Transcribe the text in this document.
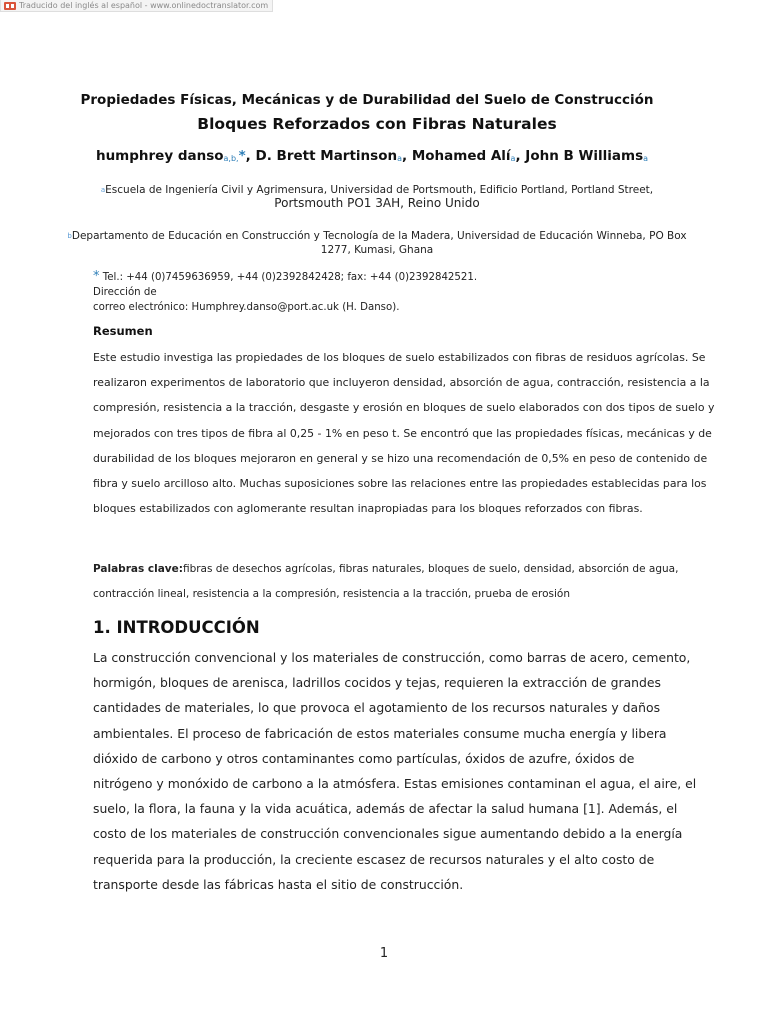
Traducido del inglés al español - www.onlinedoctranslator.com
Propiedades Físicas, Mecánicas y de Durabilidad del Suelo de Construcción
Bloques Reforzados con Fibras Naturales
humphrey danso$_{a,b,}$*, D. Brett Martinson$_a$, Mohamed Alí$_a$, John B Williams$_a$
$^a$Escuela de Ingeniería Civil y Agrimensura, Universidad de Portsmouth, Edificio Portland, Portland Street,
Portsmouth PO1 3AH, Reino Unido
$^b$Departamento de Educación en Construcción y Tecnología de la Madera, Universidad de Educación Winneba, PO Box
1277, Kumasi, Ghana
* Tel.: +44 (0)7459636959, +44 (0)2392842428; fax: +44 (0)2392842521. Dirección de
correo electrónico: Humphrey.danso@port.ac.uk (H. Danso).
Resumen
Este estudio investiga las propiedades de los bloques de suelo estabilizados con fibras de residuos agrícolas. Se
realizaron experimentos de laboratorio que incluyeron densidad, absorción de agua, contracción, resistencia a la
compresión, resistencia a la tracción, desgaste y erosión en bloques de suelo elaborados con dos tipos de suelo y
mejorados con tres tipos de fibra al 0,25 - 1% en peso t. Se encontró que las propiedades físicas, mecánicas y de
durabilidad de los bloques mejoraron en general y se hizo una recomendación de 0,5% en peso de contenido de
fibra y suelo arcilloso alto. Muchas suposiciones sobre las relaciones entre las propiedades establecidas para los
bloques estabilizados con aglomerante resultan inapropiadas para los bloques reforzados con fibras.
Palabras clave:fibras de desechos agrícolas, fibras naturales, bloques de suelo, densidad, absorción de agua,
contracción lineal, resistencia a la compresión, resistencia a la tracción, prueba de erosión
1. INTRODUCCIÓN
La construcción convencional y los materiales de construcción, como barras de acero, cemento,
hormigón, bloques de arenisca, ladrillos cocidos y tejas, requieren la extracción de grandes
cantidades de materiales, lo que provoca el agotamiento de los recursos naturales y daños
ambientales. El proceso de fabricación de estos materiales consume mucha energía y libera
dióxido de carbono y otros contaminantes como partículas, óxidos de azufre, óxidos de
nitrógeno y monóxido de carbono a la atmósfera. Estas emisiones contaminan el agua, el aire, el
suelo, la flora, la fauna y la vida acuática, además de afectar la salud humana [1]. Además, el
costo de los materiales de construcción convencionales sigue aumentando debido a la energía
requerida para la producción, la creciente escasez de recursos naturales y el alto costo de
transporte desde las fábricas hasta el sitio de construcción.
1
